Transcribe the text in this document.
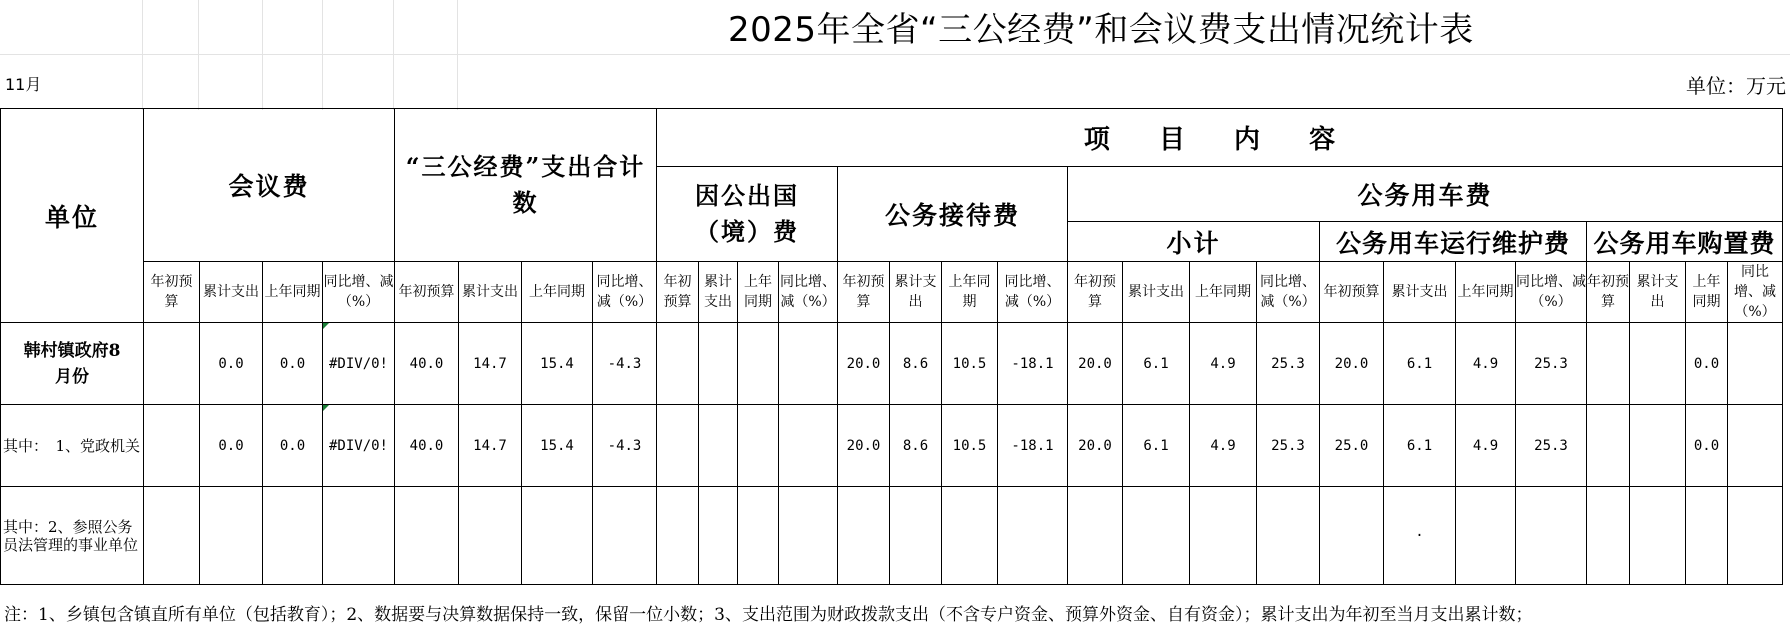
2025年全省“三公经费”和会议费支出情况统计表
11月	单位：万元
单位	会议费				“三公经费”支出合计数				项 目 内 容																			
									因公出国（境）费				公务接待费				公务用车费											
																	小计				公务用车运行维护费				公务用车购置费			
	年初预算	累计支出	上年同期	同比增、减（%）	年初预算	累计支出	上年同期	同比增、减（%）	年初预算	累计支出	上年同期	同比增、减（%）	年初预算	累计支出	上年同期	同比增、减（%）	年初预算	累计支出	上年同期	同比增、减（%）	年初预算	累计支出	上年同期	同比增、减（%）	年初预算	累计支出	上年同期	同比增、减（%）
韩村镇政府8月份		0.0	0.0	#DIV/0!	40.0	14.7	15.4	-4.3					20.0	8.6	10.5	-18.1	20.0	6.1	4.9	25.3	20.0	6.1	4.9	25.3			0.0	
其中：　1、党政机关		0.0	0.0	#DIV/0!	40.0	14.7	15.4	-4.3					20.0	8.6	10.5	-18.1	20.0	6.1	4.9	25.3	25.0	6.1	4.9	25.3			0.0	
其中：2、参照公务员法管理的事业单位																						·						
注：1、乡镇包含镇直所有单位（包括教育）；2、数据要与决算数据保持一致，保留一位小数；3、支出范围为财政拨款支出（不含专户资金、预算外资金、自有资金）；累计支出为年初至当月支出累计数；
